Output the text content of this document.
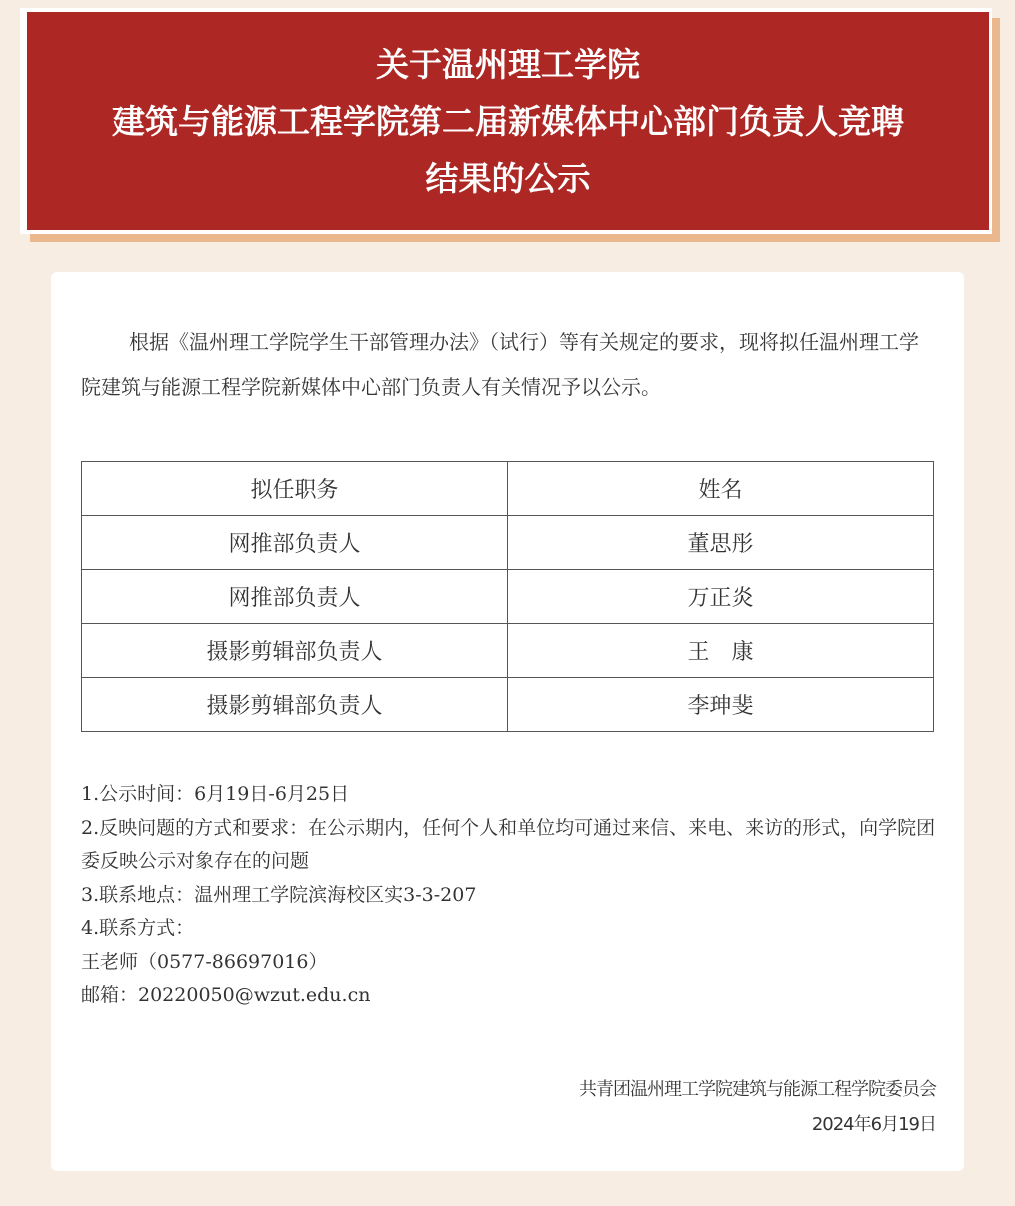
关于温州理工学院
建筑与能源工程学院第二届新媒体中心部门负责人竞聘
结果的公示

根据《温州理工学院学生干部管理办法》（试行）等有关规定的要求，现将拟任温州理工学院建筑与能源工程学院新媒体中心部门负责人有关情况予以公示。

拟任职务	姓名
网推部负责人	董思彤
网推部负责人	万正炎
摄影剪辑部负责人	王　康
摄影剪辑部负责人	李珅斐
1.公示时间：6月19日-6月25日
2.反映问题的方式和要求：在公示期内，任何个人和单位均可通过来信、来电、来访的形式，向学院团委反映公示对象存在的问题
3.联系地点：温州理工学院滨海校区实3-3-207
4.联系方式：
王老师（0577-86697016）
邮箱：20220050@wzut.edu.cn
共青团温州理工学院建筑与能源工程学院委员会
2024年6月19日
